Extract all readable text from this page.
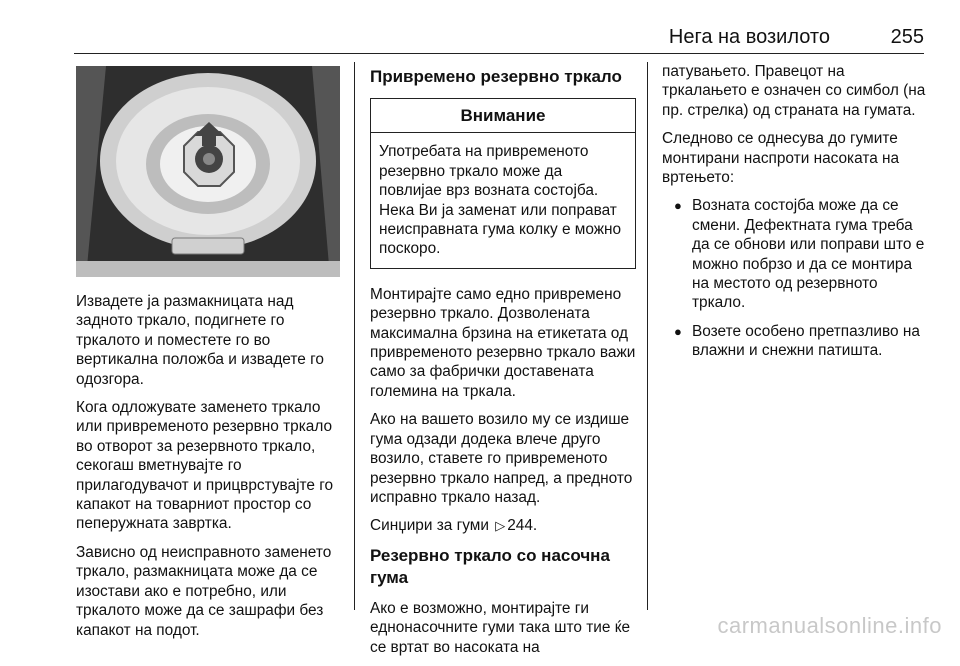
Нега на возилото	255

Извадете ја размакницата над задното тркало, подигнете го тркалото и поместете го во вертикална положба и извадете го одозгора.

Кога одложувате заменето тркало или привременото резервно тркало во отворот за резервното тркало, секогаш вметнувајте го прилагодувачот и прицврстувајте го капакот на товарниот простор со пеперужната завртка.

Зависно од неисправното заменето тркало, размакницата може да се изостави ако е потребно, или тркалото може да се зашрафи без капакот на подот.

Привремено резервно тркало
Внимание
Употребата на привременото резервно тркало може да повлијае врз возната состојба. Нека Ви ја заменат или поправат неисправната гума колку е можно поскоро.

Монтирајте само едно привремено резервно тркало. Дозволената максимална брзина на етикетата од привременото резервно тркало важи само за фабрички доставената големина на тркала.

Ако на вашето возило му се издише гума одзади додека влече друго возило, ставете го привременото резервно тркало напред, а предното исправно тркало назад.

Синџири за гуми ▷ 244.

Резервно тркало со насочна гума

Ако е возможно, монтирајте ги еднонасочните гуми така што тие ќе се вртат во насоката на

патувањето. Правецот на тркалањето е означен со симбол (на пр. стрелка) од страната на гумата.

Следново се однесува до гумите монтирани наспроти насоката на вртењето:

● Возната состојба може да се смени. Дефектната гума треба да се обнови или поправи што е можно побрзо и да се монтира на местото од резервното тркало.
● Возете особено претпазливо на влажни и снежни патишта.
carmanualsonline.info
